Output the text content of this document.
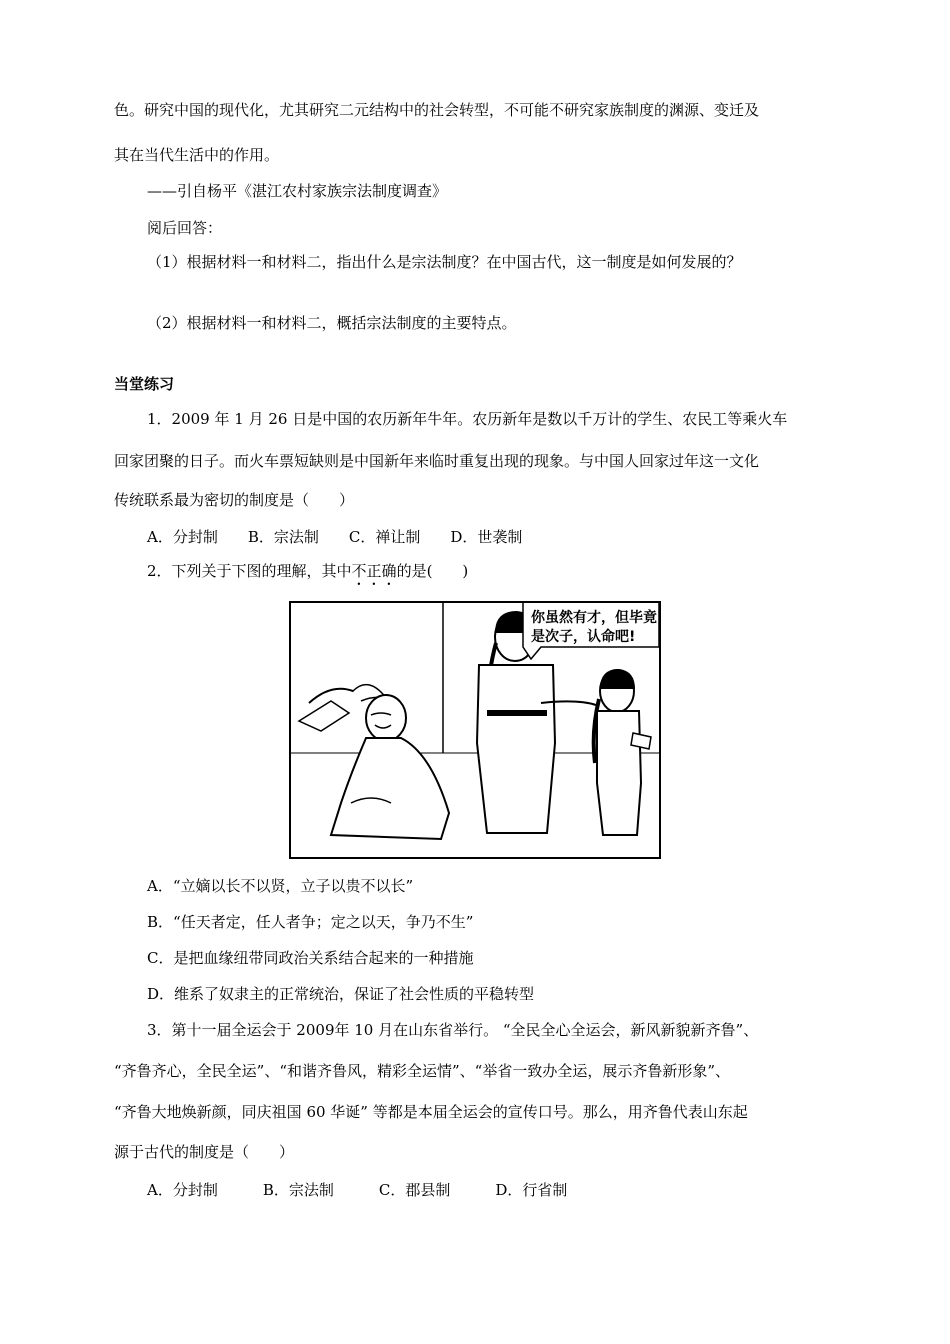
色。研究中国的现代化，尤其研究二元结构中的社会转型，不可能不研究家族制度的渊源、变迁及
其在当代生活中的作用。
——引自杨平《湛江农村家族宗法制度调查》
阅后回答：
（1）根据材料一和材料二，指出什么是宗法制度？在中国古代，这一制度是如何发展的？
（2）根据材料一和材料二，概括宗法制度的主要特点。
当堂练习
1．2009 年 1 月 26 日是中国的农历新年牛年。农历新年是数以千万计的学生、农民工等乘火车
回家团聚的日子。而火车票短缺则是中国新年来临时重复出现的现象。与中国人回家过年这一文化
传统联系最为密切的制度是（　　）
A．分封制　　B．宗法制　　C．禅让制　　D．世袭制
2．下列关于下图的理解，其中不正确的是(　　)
你虽然有才，但毕竟
是次子，认命吧!
A．“立嫡以长不以贤，立子以贵不以长”
B．“任天者定，任人者争；定之以天，争乃不生”
C．是把血缘纽带同政治关系结合起来的一种措施
D．维系了奴隶主的正常统治，保证了社会性质的平稳转型
3．第十一届全运会于 2009年 10 月在山东省举行。 “全民全心全运会，新风新貌新齐鲁”、
“齐鲁齐心，全民全运”、“和谐齐鲁风，精彩全运情”、“举省一致办全运，展示齐鲁新形象”、
“齐鲁大地焕新颜，同庆祖国 60 华诞” 等都是本届全运会的宣传口号。那么，用齐鲁代表山东起
源于古代的制度是（　　）
A．分封制　　　B．宗法制　　　C．郡县制　　　D．行省制
